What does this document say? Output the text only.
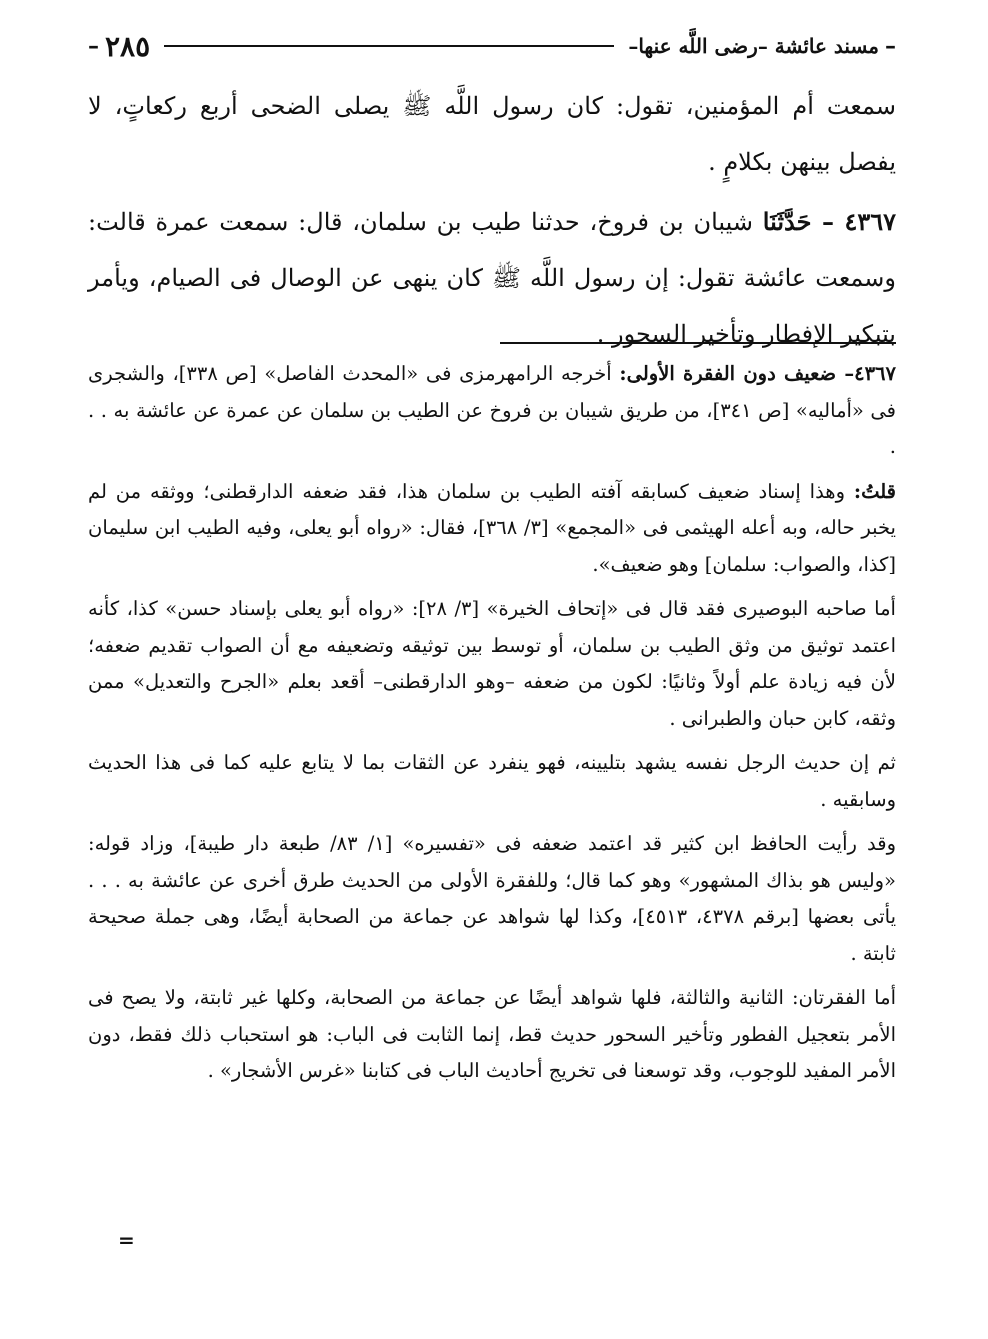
–
مسند عائشة –رضى اللَّه عنها–
٢٨٥
–

سمعت أم المؤمنين، تقول: كان رسول اللَّه ﷺ يصلى الضحى أربع ركعاتٍ، لا يفصل بينهن بكلامٍ .

٤٣٦٧ – حَدَّثَنَا شيبان بن فروخ، حدثنا طيب بن سلمان، قال: سمعت عمرة قالت: وسمعت عائشة تقول: إن رسول اللَّه ﷺ كان ينهى عن الوصال فى الصيام، ويأمر بتبكير الإفطار وتأخير السحور .

٤٣٦٧– ضعيف دون الفقرة الأولى: أخرجه الرامهرمزى فى «المحدث الفاصل» [ص ٣٣٨]، والشجرى فى «أماليه» [ص ٣٤١]، من طريق شيبان بن فروخ عن الطيب بن سلمان عن عمرة عن عائشة به . . .

قلتُ: وهذا إسناد ضعيف كسابقه آفته الطيب بن سلمان هذا، فقد ضعفه الدارقطنى؛ ووثقه من لم يخبر حاله، وبه أعله الهيثمى فى «المجمع» [٣/ ٣٦٨]، فقال: «رواه أبو يعلى، وفيه الطيب ابن سليمان [كذا، والصواب: سلمان] وهو ضعيف».

أما صاحبه البوصيرى فقد قال فى «إتحاف الخيرة» [٣/ ٢٨]: «رواه أبو يعلى بإسناد حسن» كذا، كأنه اعتمد توثيق من وثق الطيب بن سلمان، أو توسط بين توثيقه وتضعيفه مع أن الصواب تقديم ضعفه؛ لأن فيه زيادة علم أولاً وثانيًا: لكون من ضعفه –وهو الدارقطنى– أقعد بعلم «الجرح والتعديل» ممن وثقه، كابن حبان والطبرانى .

ثم إن حديث الرجل نفسه يشهد بتليينه، فهو ينفرد عن الثقات بما لا يتابع عليه كما فى هذا الحديث وسابقيه .

وقد رأيت الحافظ ابن كثير قد اعتمد ضعفه فى «تفسيره» [١/ ٨٣/ طبعة دار طيبة]، وزاد قوله: «وليس هو بذاك المشهور» وهو كما قال؛ وللفقرة الأولى من الحديث طرق أخرى عن عائشة به . . . يأتى بعضها [برقم ٤٣٧٨، ٤٥١٣]، وكذا لها شواهد عن جماعة من الصحابة أيضًا، وهى جملة صحيحة ثابتة .

أما الفقرتان: الثانية والثالثة، فلها شواهد أيضًا عن جماعة من الصحابة، وكلها غير ثابتة، ولا يصح فى الأمر بتعجيل الفطور وتأخير السحور حديث قط، إنما الثابت فى الباب: هو استحباب ذلك فقط، دون الأمر المفيد للوجوب، وقد توسعنا فى تخريج أحاديث الباب فى كتابنا «غرس الأشجار» .

=
